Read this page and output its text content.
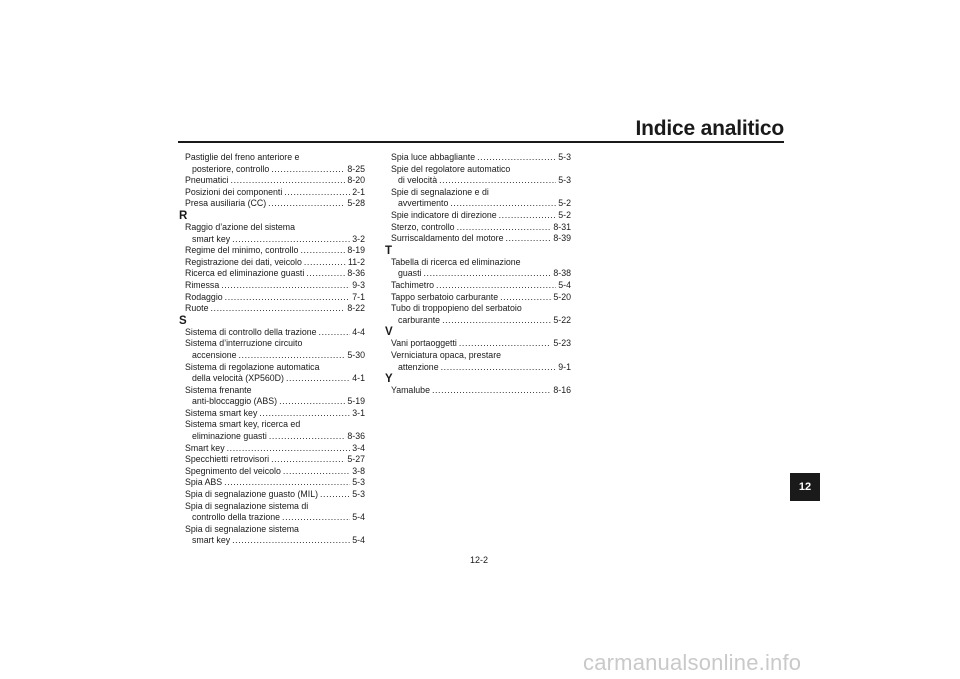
Indice analitico
Pastiglie del freno anteriore e
posteriore, controllo .....	8-25
Pneumatici .....	8-20
Posizioni dei componenti .....	2-1
Presa ausiliaria (CC) .....	5-28
R
Raggio d’azione del sistema
smart key .....	3-2
Regime del minimo, controllo .....	8-19
Registrazione dei dati, veicolo .....	11-2
Ricerca ed eliminazione guasti .....	8-36
Rimessa .....	9-3
Rodaggio .....	7-1
Ruote .....	8-22
S
Sistema di controllo della trazione .....	4-4
Sistema d’interruzione circuito
accensione .....	5-30
Sistema di regolazione automatica
della velocità (XP560D) .....	4-1
Sistema frenante
anti-bloccaggio (ABS) .....	5-19
Sistema smart key .....	3-1
Sistema smart key, ricerca ed
eliminazione guasti .....	8-36
Smart key .....	3-4
Specchietti retrovisori .....	5-27
Spegnimento del veicolo .....	3-8
Spia ABS .....	5-3
Spia di segnalazione guasto (MIL) .....	5-3
Spia di segnalazione sistema di
controllo della trazione .....	5-4
Spia di segnalazione sistema
smart key .....	5-4
Spia luce abbagliante .....	5-3
Spie del regolatore automatico
di velocità .....	5-3
Spie di segnalazione e di
avvertimento .....	5-2
Spie indicatore di direzione .....	5-2
Sterzo, controllo .....	8-31
Surriscaldamento del motore .....	8-39
T
Tabella di ricerca ed eliminazione
guasti .....	8-38
Tachimetro .....	5-4
Tappo serbatoio carburante .....	5-20
Tubo di troppopieno del serbatoio
carburante .....	5-22
V
Vani portaoggetti .....	5-23
Verniciatura opaca, prestare
attenzione .....	9-1
Y
Yamalube .....	8-16
12
12-2
carmanualsonline.info
